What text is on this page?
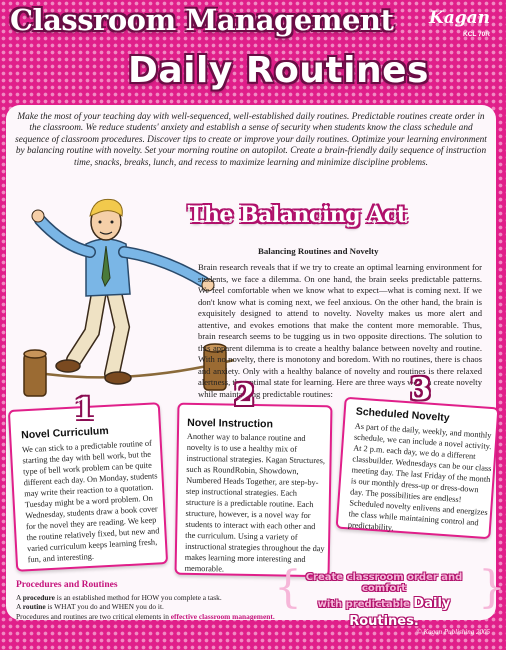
Classroom Management
Daily Routines
Kagan
KCL 70R

Make the most of your teaching day with well-sequenced, well-established daily routines. Predictable routines create order in the classroom. We reduce students' anxiety and establish a sense of security when students know the class schedule and sequence of classroom procedures. Discover tips to create or improve your daily routines. Optimize your learning environment by balancing routine with novelty. Set your morning routine on autopilot. Create a brain-friendly daily sequence of instruction time, snacks, breaks, lunch, and recess to maximize learning and minimize discipline problems.

The Balancing Act
Balancing Routines and Novelty

Brain research reveals that if we try to create an optimal learning environment for students, we face a dilemma. On one hand, the brain seeks predictable patterns. We feel comfortable when we know what to expect—what is coming next. If we don't know what is coming next, we feel anxious. On the other hand, the brain is exquisitely designed to attend to novelty. Novelty makes us more alert and attentive, and evokes emotions that make the content more memorable. Thus, brain research seems to be tugging us in two opposite directions. The solution to this apparent dilemma is to create a healthy balance between novelty and routine. With no novelty, there is monotony and boredom. With no routines, there is chaos and anxiety. Only with a healthy balance of novelty and routines is there relaxed alertness, the optimal state for learning. Here are three ways we can create novelty while maintaining predictable routines:

Novel Curriculum

We can stick to a predictable routine of starting the day with bell work, but the type of bell work problem can be quite different each day. On Monday, students may write their reaction to a quotation. Tuesday might be a word problem. On Wednesday, students draw a book cover for the novel they are reading. We keep the routine relatively fixed, but new and varied curriculum keeps learning fresh, fun, and interesting.

1	Novel Instruction

Another way to balance routine and novelty is to use a healthy mix of instructional strategies. Kagan Structures, such as RoundRobin, Showdown, Numbered Heads Together, are step-by-step instructional strategies. Each structure is a predictable routine. Each structure, however, is a novel way for students to interact with each other and the curriculum. Using a variety of instructional strategies throughout the day makes learning more interesting and memorable.

2
Scheduled Novelty

As part of the daily, weekly, and monthly schedule, we can include a novel activity. At 2 p.m. each day, we do a different classbuilder. Wednesdays can be our class meeting day. The last Friday of the month is our monthly dress-up or dress-down day. The possibilities are endless! Scheduled novelty enlivens and energizes the class while maintaining control and predictability.

3
Procedures and Routines
A procedure is an established method for HOW you complete a task.
A routine is WHAT you do and WHEN you do it.
Procedures and routines are two critical elements in effective classroom management.
{ Create classroom order and comfort
with predictable Daily Routines.
}
© Kagan Publishing 2005
